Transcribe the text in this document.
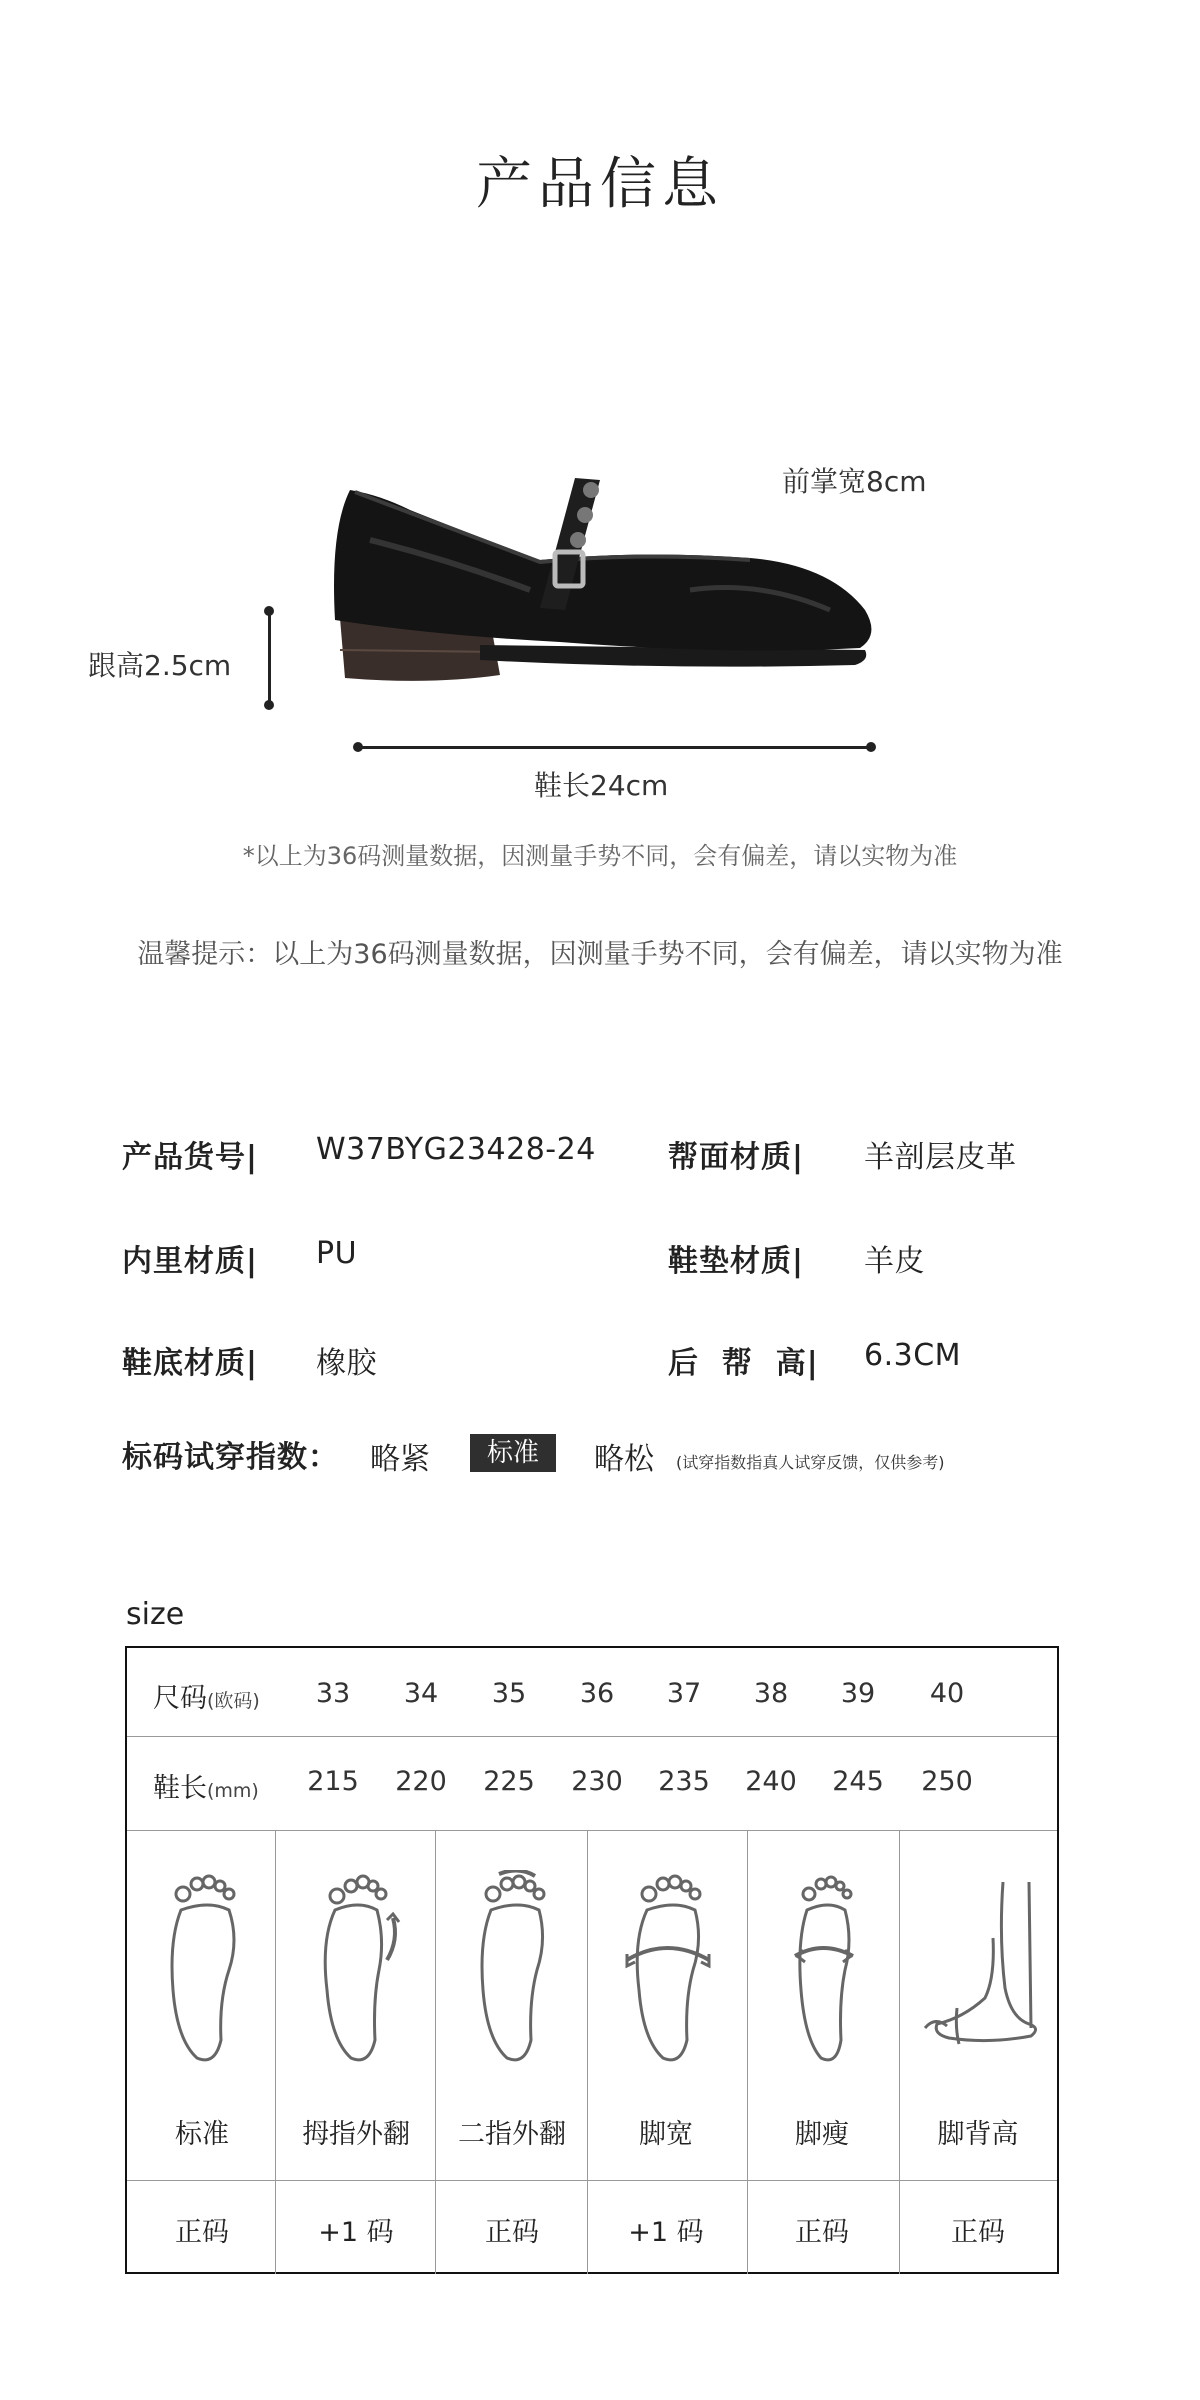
产品信息
前掌宽8cm
跟高2.5cm
鞋长24cm
*以上为36码测量数据，因测量手势不同，会有偏差，请以实物为准
温馨提示：以上为36码测量数据，因测量手势不同，会有偏差，请以实物为准
产品货号| W37BYG23428-24 帮面材质| 羊剖层皮革
内里材质| PU	鞋垫材质| 羊皮
鞋底材质| 橡胶	后  帮  高| 6.3CM
标码试穿指数： 略紧	标准	略松 (试穿指数指真人试穿反馈，仅供参考)
size
尺码(欧码)	33	34	35	36	37	38	39	40
鞋长(mm)	215	220	225	230	235	240	245	250
标准	拇指外翻	二指外翻	脚宽	脚瘦	脚背高
正码	+1 码	正码	+1 码	正码	正码
